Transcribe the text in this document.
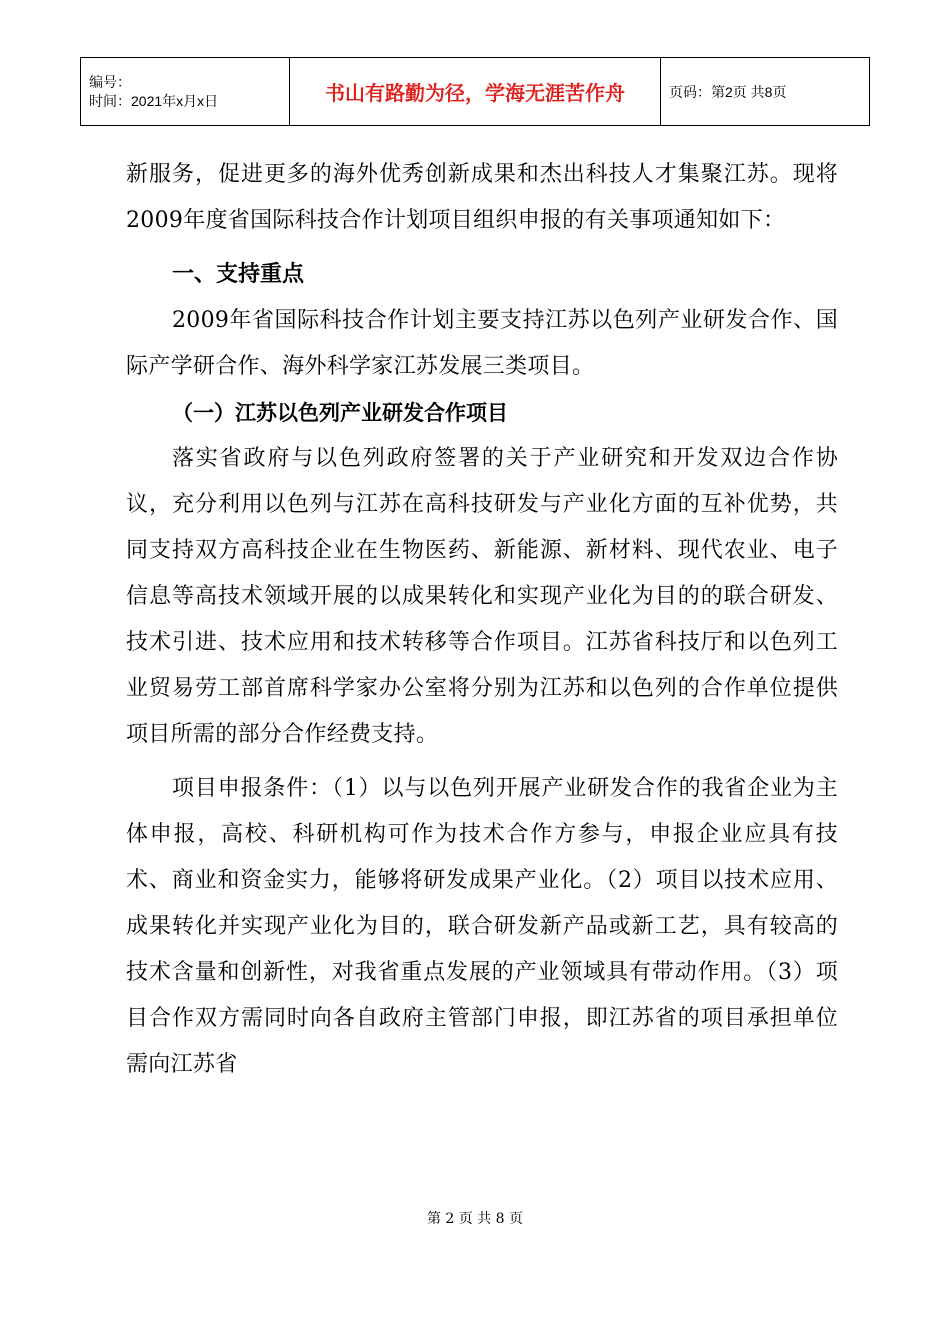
编号：
时间：2021年x月x日	书山有路勤为径，学海无涯苦作舟	页码：第2页 共8页

新服务，促进更多的海外优秀创新成果和杰出科技人才集聚江苏。现将2009年度省国际科技合作计划项目组织申报的有关事项通知如下：

一、支持重点

2009年省国际科技合作计划主要支持江苏以色列产业研发合作、国际产学研合作、海外科学家江苏发展三类项目。

（一）江苏以色列产业研发合作项目

落实省政府与以色列政府签署的关于产业研究和开发双边合作协议，充分利用以色列与江苏在高科技研发与产业化方面的互补优势，共同支持双方高科技企业在生物医药、新能源、新材料、现代农业、电子信息等高技术领域开展的以成果转化和实现产业化为目的的联合研发、技术引进、技术应用和技术转移等合作项目。江苏省科技厅和以色列工业贸易劳工部首席科学家办公室将分别为江苏和以色列的合作单位提供项目所需的部分合作经费支持。

项目申报条件：（1）以与以色列开展产业研发合作的我省企业为主体申报，高校、科研机构可作为技术合作方参与，申报企业应具有技术、商业和资金实力，能够将研发成果产业化。（2）项目以技术应用、成果转化并实现产业化为目的，联合研发新产品或新工艺，具有较高的技术含量和创新性，对我省重点发展的产业领域具有带动作用。（3）项目合作双方需同时向各自政府主管部门申报，即江苏省的项目承担单位需向江苏省

第 2 页 共 8 页
